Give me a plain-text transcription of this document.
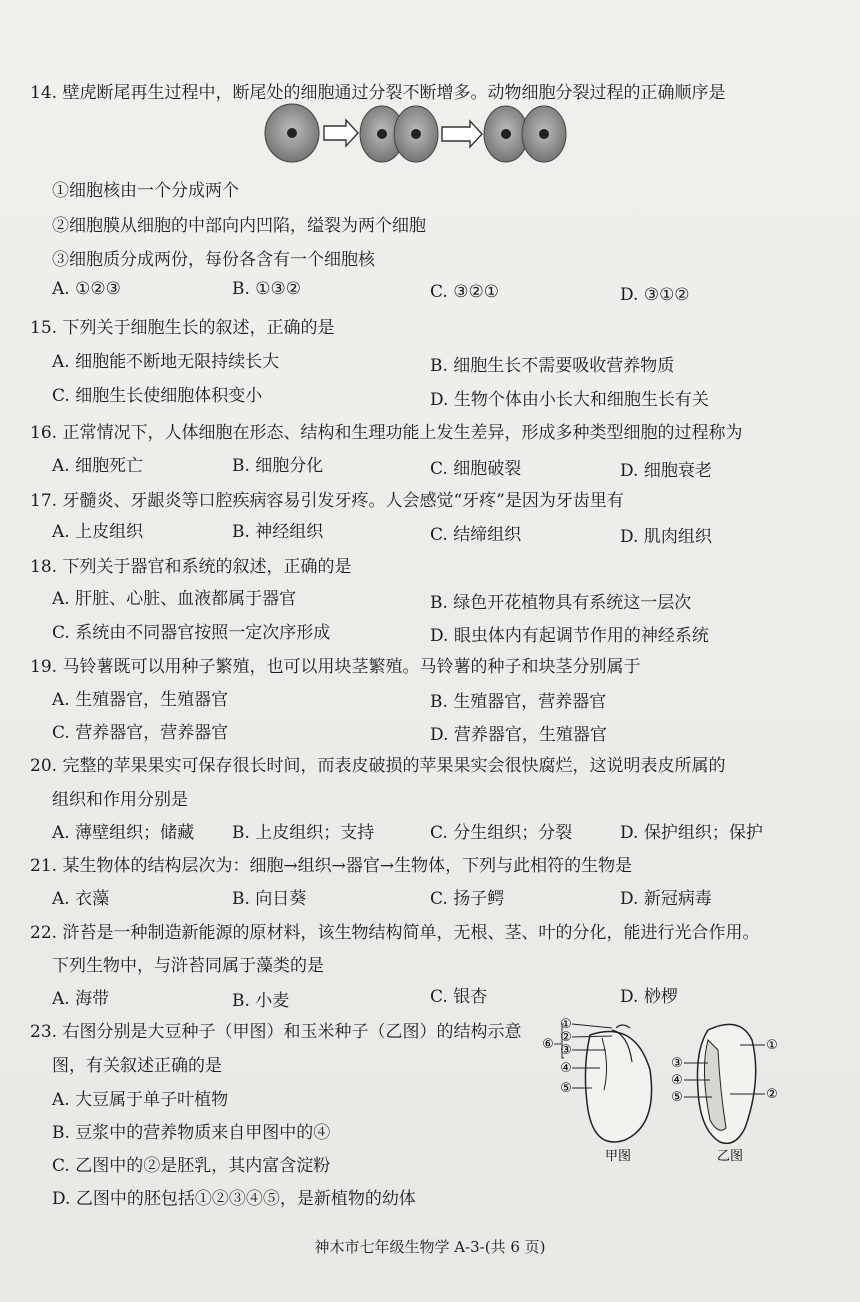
14. 壁虎断尾再生过程中，断尾处的细胞通过分裂不断增多。动物细胞分裂过程的正确顺序是
①细胞核由一个分成两个
②细胞膜从细胞的中部向内凹陷，缢裂为两个细胞
③细胞质分成两份，每份各含有一个细胞核
A. ①②③	B. ①③②	C. ③②①	D. ③①②
15. 下列关于细胞生长的叙述，正确的是
A. 细胞能不断地无限持续长大	B. 细胞生长不需要吸收营养物质
C. 细胞生长使细胞体积变小	D. 生物个体由小长大和细胞生长有关
16. 正常情况下，人体细胞在形态、结构和生理功能上发生差异，形成多种类型细胞的过程称为
A. 细胞死亡	B. 细胞分化	C. 细胞破裂	D. 细胞衰老
17. 牙髓炎、牙龈炎等口腔疾病容易引发牙疼。人会感觉“牙疼”是因为牙齿里有
A. 上皮组织	B. 神经组织	C. 结缔组织	D. 肌肉组织
18. 下列关于器官和系统的叙述，正确的是
A. 肝脏、心脏、血液都属于器官	B. 绿色开花植物具有系统这一层次
C. 系统由不同器官按照一定次序形成	D. 眼虫体内有起调节作用的神经系统
19. 马铃薯既可以用种子繁殖，也可以用块茎繁殖。马铃薯的种子和块茎分别属于
A. 生殖器官，生殖器官	B. 生殖器官，营养器官
C. 营养器官，营养器官	D. 营养器官，生殖器官
20. 完整的苹果果实可保存很长时间，而表皮破损的苹果果实会很快腐烂，这说明表皮所属的
组织和作用分别是
A. 薄壁组织；储藏 B. 上皮组织；支持	C. 分生组织；分裂	D. 保护组织；保护
21. 某生物体的结构层次为：细胞→组织→器官→生物体，下列与此相符的生物是
A. 衣藻	B. 向日葵	C. 扬子鳄	D. 新冠病毒
22. 浒苔是一种制造新能源的原材料，该生物结构简单，无根、茎、叶的分化，能进行光合作用。
下列生物中，与浒苔同属于藻类的是
A. 海带	B. 小麦	C. 银杏	D. 桫椤
23. 右图分别是大豆种子（甲图）和玉米种子（乙图）的结构示意
图，有关叙述正确的是
A. 大豆属于单子叶植物
B. 豆浆中的营养物质来自甲图中的④
C. 乙图中的②是胚乳，其内富含淀粉
D. 乙图中的胚包括①②③④⑤，是新植物的幼体
①
②
③
④
⑤
⑥
甲图
①
②
③
④
⑤
乙图
神木市七年级生物学 A-3-(共 6 页)
